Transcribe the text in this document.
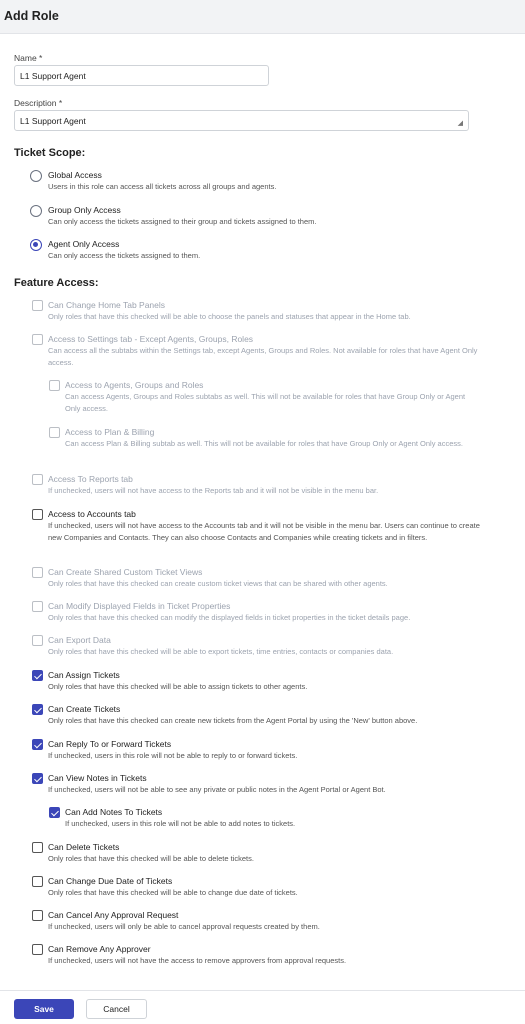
Add Role
Name *
L1 Support Agent
Description *
L1 Support Agent	◢
Ticket Scope:
Global Access
Users in this role can access all tickets across all groups and agents.
Group Only Access
Can only access the tickets assigned to their group and tickets assigned to them.
Agent Only Access
Can only access the tickets assigned to them.
Feature Access:
Can Change Home Tab Panels
Only roles that have this checked will be able to choose the panels and statuses that appear in the Home tab.
Access to Settings tab - Except Agents, Groups, Roles
Can access all the subtabs within the Settings tab, except Agents, Groups and Roles. Not available for roles that have Agent Only access.
Access to Agents, Groups and Roles
Can access Agents, Groups and Roles subtabs as well. This will not be available for roles that have Group Only or Agent Only access.
Access to Plan & Billing
Can access Plan & Billing subtab as well. This will not be available for roles that have Group Only or Agent Only access.
Access To Reports tab
If unchecked, users will not have access to the Reports tab and it will not be visible in the menu bar.
Access to Accounts tab
If unchecked, users will not have access to the Accounts tab and it will not be visible in the menu bar. Users can continue to create new Companies and Contacts. They can also choose Contacts and Companies while creating tickets and in filters.
Can Create Shared Custom Ticket Views
Only roles that have this checked can create custom ticket views that can be shared with other agents.
Can Modify Displayed Fields in Ticket Properties
Only roles that have this checked can modify the displayed fields in ticket properties in the ticket details page.
Can Export Data
Only roles that have this checked will be able to export tickets, time entries, contacts or companies data.
Can Assign Tickets
Only roles that have this checked will be able to assign tickets to other agents.
Can Create Tickets
Only roles that have this checked can create new tickets from the Agent Portal by using the 'New' button above.
Can Reply To or Forward Tickets
If unchecked, users in this role will not be able to reply to or forward tickets.
Can View Notes in Tickets
If unchecked, users will not be able to see any private or public notes in the Agent Portal or Agent Bot.
Can Add Notes To Tickets
If unchecked, users in this role will not be able to add notes to tickets.
Can Delete Tickets
Only roles that have this checked will be able to delete tickets.
Can Change Due Date of Tickets
Only roles that have this checked will be able to change due date of tickets.
Can Cancel Any Approval Request
If unchecked, users will only be able to cancel approval requests created by them.
Can Remove Any Approver
If unchecked, users will not have the access to remove approvers from approval requests.
Save	Cancel
